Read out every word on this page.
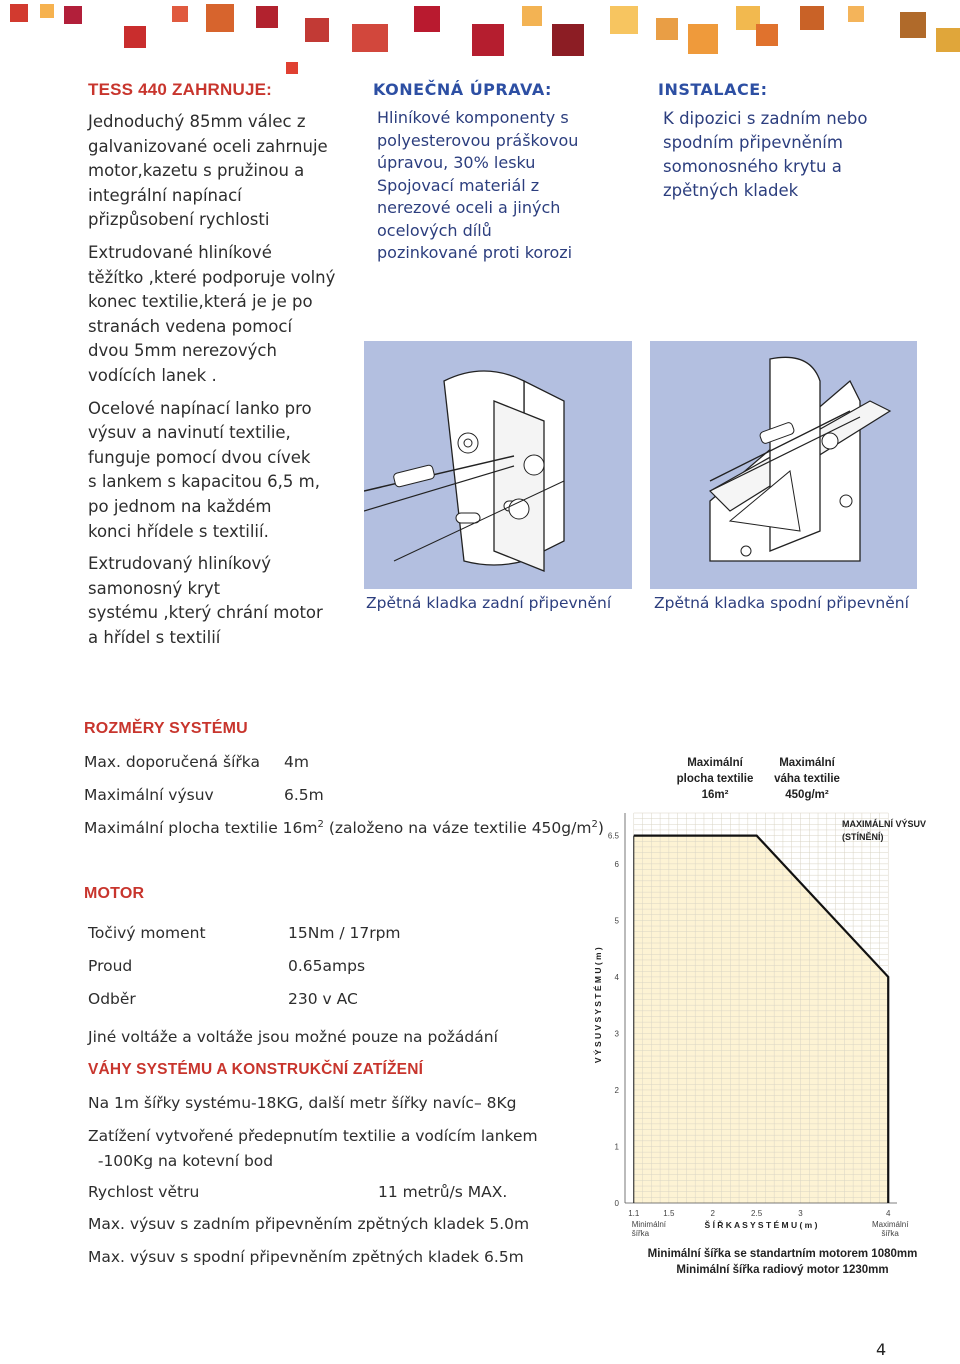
TESS 440 ZAHRNUJE:

Jednoduchý 85mm válec z
galvanizované oceli zahrnuje
motor,kazetu s pružinou a
integrální napínací
přizpůsobení rychlosti

Extrudované hliníkové
těžítko ,které podporuje volný
konec textilie,která je je po
stranách vedena pomocí
dvou 5mm nerezových
vodících lanek .

Ocelové napínací lanko pro
výsuv a navinutí textilie,
funguje pomocí dvou cívek
s lankem s kapacitou 6,5 m,
po jednom na každém
konci hřídele s textilií.

Extrudovaný hliníkový
samonosný kryt
systému ,který chrání motor
a hřídel s textilií

KONEČNÁ ÚPRAVA:
Hliníkové komponenty s
polyesterovou práškovou
úpravou, 30% lesku
Spojovací materiál z
nerezové oceli a jiných
ocelových dílů
pozinkované proti korozi
Zpětná kladka zadní připevnění
INSTALACE:
K dipozici s zadním nebo
spodním připevněním
somonosného krytu a
zpětných kladek
Zpětná kladka spodní připevnění
ROZMĚRY SYSTÉMU
Max. doporučená šířka 4m
Maximální výsuv	6.5m
Maximální plocha textilie $16m^2$ (založeno na váze textilie $450g/m^2$)
MOTOR
Točivý moment	15Nm / 17rpm
Proud	0.65amps
Odběr	230 v AC
Jiné voltáže a voltáže jsou možné pouze na požádání
VÁHY SYSTÉMU A KONSTRUKČNÍ ZATÍŽENÍ
Na 1m šířky systému-18KG, další metr šířky navíc– 8Kg
Zatížení vytvořené předepnutím textilie a vodícím lankem
-100Kg na kotevní bod
Rychlost větru	11 metrů/s MAX.
Max. výsuv s zadním připevněním zpětných kladek 5.0m
Max. výsuv s spodní připevněním zpětných kladek 6.5m
Maximální
plocha textilie
16m²
Maximální
váha textilie
450g/m²
0
1
2
3
4
5
6
6.5
1.1	1.5	2	2.5	3	4
Minimální
šířka
Maximální
šířka
Š Í Ř K A S Y S T É M U ( m )
V Ý S U V S Y S T É M U ( m )
MAXIMÁLNÍ VÝSUV
(STÍNĚNÍ)
Minimální šířka se standartním motorem 1080mm
Minimální šířka radiový motor 1230mm
4
